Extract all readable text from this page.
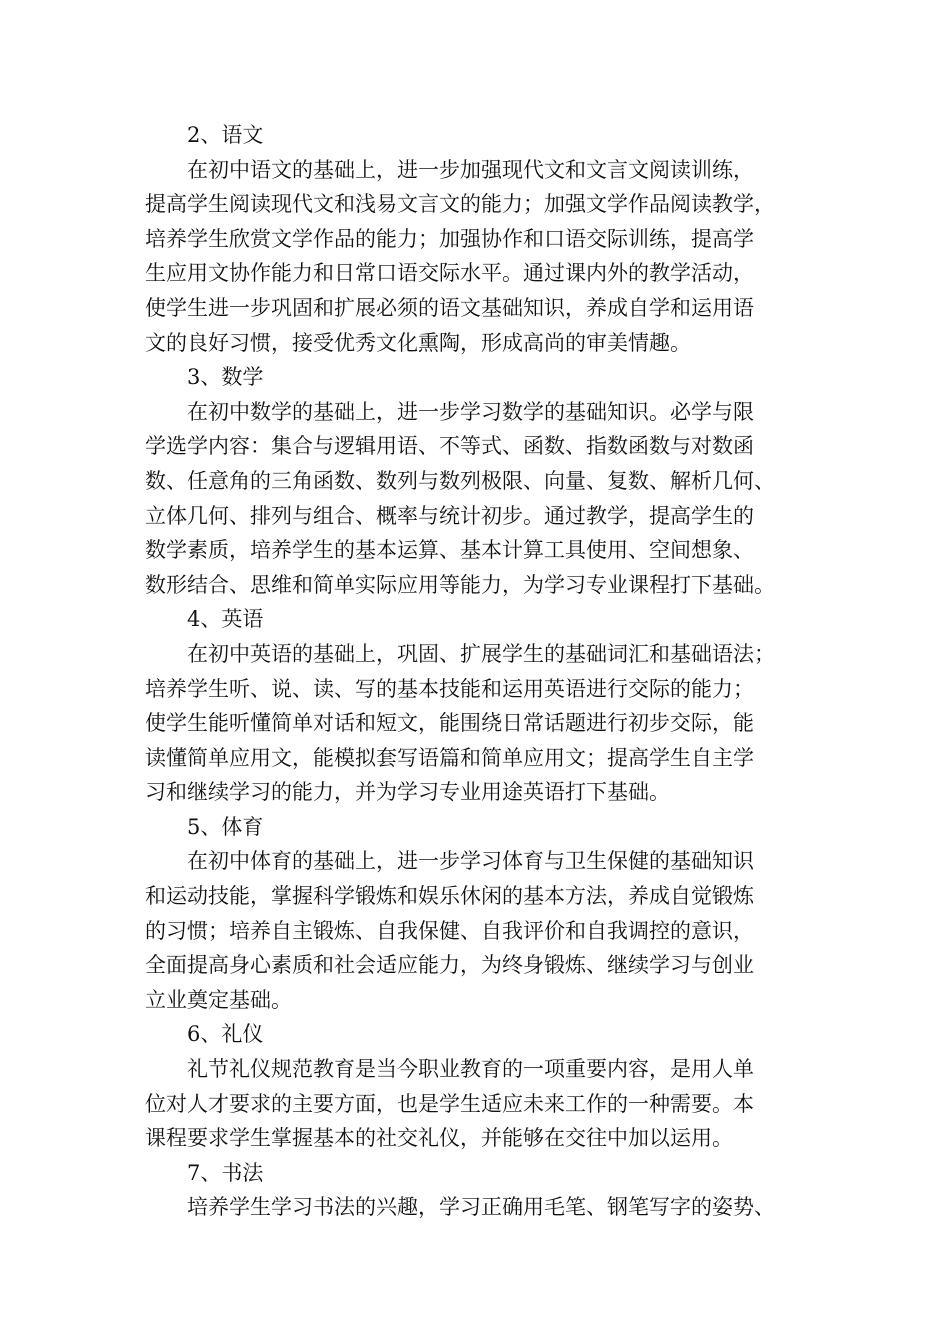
2、语文
在初中语文的基础上，进一步加强现代文和文言文阅读训练，
提高学生阅读现代文和浅易文言文的能力；加强文学作品阅读教学，
培养学生欣赏文学作品的能力；加强协作和口语交际训练，提高学
生应用文协作能力和日常口语交际水平。通过课内外的教学活动，
使学生进一步巩固和扩展必须的语文基础知识，养成自学和运用语
文的良好习惯，接受优秀文化熏陶，形成高尚的审美情趣。
3、数学
在初中数学的基础上，进一步学习数学的基础知识。必学与限
学选学内容：集合与逻辑用语、不等式、函数、指数函数与对数函
数、任意角的三角函数、数列与数列极限、向量、复数、解析几何、
立体几何、排列与组合、概率与统计初步。通过教学，提高学生的
数学素质，培养学生的基本运算、基本计算工具使用、空间想象、
数形结合、思维和简单实际应用等能力，为学习专业课程打下基础。
4、英语
在初中英语的基础上，巩固、扩展学生的基础词汇和基础语法；
培养学生听、说、读、写的基本技能和运用英语进行交际的能力；
使学生能听懂简单对话和短文，能围绕日常话题进行初步交际，能
读懂简单应用文，能模拟套写语篇和简单应用文；提高学生自主学
习和继续学习的能力，并为学习专业用途英语打下基础。
5、体育
在初中体育的基础上，进一步学习体育与卫生保健的基础知识
和运动技能，掌握科学锻炼和娱乐休闲的基本方法，养成自觉锻炼
的习惯；培养自主锻炼、自我保健、自我评价和自我调控的意识，
全面提高身心素质和社会适应能力，为终身锻炼、继续学习与创业
立业奠定基础。
6、礼仪
礼节礼仪规范教育是当今职业教育的一项重要内容，是用人单
位对人才要求的主要方面，也是学生适应未来工作的一种需要。本
课程要求学生掌握基本的社交礼仪，并能够在交往中加以运用。
7、书法
培养学生学习书法的兴趣，学习正确用毛笔、钢笔写字的姿势、
